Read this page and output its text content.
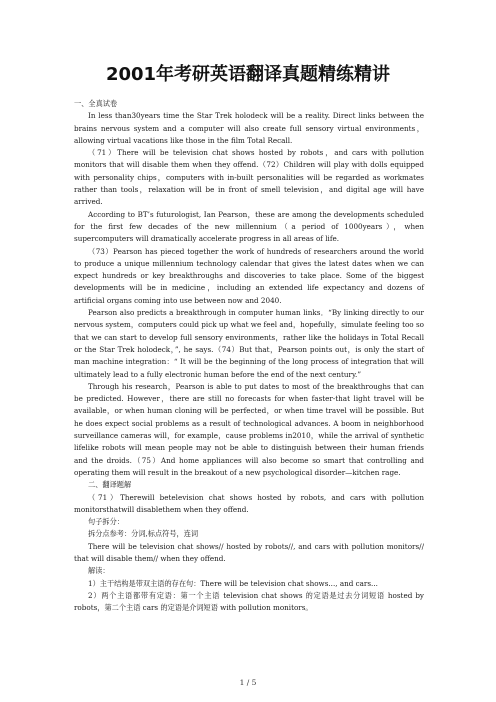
2001年考研英语翻译真题精练精讲

一、全真试卷

In less than30years time the Star Trek holodeck will be a reality. Direct links between the brains nervous system and a computer will also create full sensory virtual environments，allowing virtual vacations like those in the film Total Recall.

（71）There will be television chat shows hosted by robots，and cars with pollution monitors that will disable them when they offend.（72）Children will play with dolls equipped with personality chips，computers with in-built personalities will be regarded as workmates rather than tools，relaxation will be in front of smell television，and digital age will have arrived.

According to BT’s futurologist, Ian Pearson，these are among the developments scheduled for the first few decades of the new millennium（a period of 1000years），when supercomputers will dramatically accelerate progress in all areas of life.

（73）Pearson has pieced together the work of hundreds of researchers around the world to produce a unique millennium technology calendar that gives the latest dates when we can expect hundreds or key breakthroughs and discoveries to take place. Some of the biggest developments will be in medicine，including an extended life expectancy and dozens of artificial organs coming into use between now and 2040.

Pearson also predicts a breakthrough in computer human links．“By linking directly to our nervous system，computers could pick up what we feel and，hopefully，simulate feeling too so that we can start to develop full sensory environments，rather like the holidays in Total Recall or the Star Trek holodeck，”, he says.（74）But that，Pearson points out，is only the start of man machine integration：“ It will be the beginning of the long process of integration that will ultimately lead to a fully electronic human before the end of the next century.”

Through his research，Pearson is able to put dates to most of the breakthroughs that can be predicted. However，there are still no forecasts for when faster-that light travel will be available，or when human cloning will be perfected，or when time travel will be possible. But he does expect social problems as a result of technological advances. A boom in neighborhood surveillance cameras will，for example，cause problems in2010，while the arrival of synthetic lifelike robots will mean people may not be able to distinguish between their human friends and the droids.（75）And home appliances will also become so smart that controlling and operating them will result in the breakout of a new psychological disorder—kitchen rage.

二、翻译题解

（71）Therewill betelevision chat shows hosted by robots, and cars with pollution monitorsthatwill disablethem when they offend.

句子拆分：

拆分点参考：分词,标点符号，连词

There will be television chat shows// hosted by robots//, and cars with pollution monitors// that will disable them// when they offend.

解读：

1）主干结构是带双主语的存在句：There will be television chat shows..., and cars...

2）两个主语都带有定语：第一个主语 television chat shows 的定语是过去分词短语 hosted by robots，第二个主语 cars 的定语是介词短语 with pollution monitors。

1 / 5
